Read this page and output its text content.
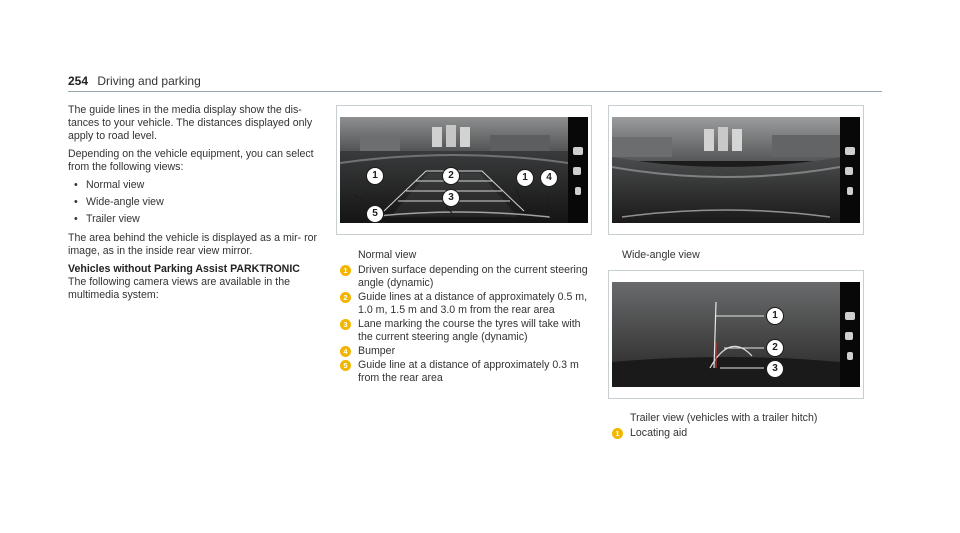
254 Driving and parking

The guide lines in the media display show the dis- tances to your vehicle. The distances displayed only apply to road level.

Depending on the vehicle equipment, you can select from the following views:

• Normal view
• Wide-angle view
• Trailer view

The area behind the vehicle is displayed as a mir- ror image, as in the inside rear view mirror.

Vehicles without Parking Assist PARKTRONIC

The following camera views are available in the multimedia system:

1	2
3
1	4
5
Normal view
1 Driven surface depending on the current steering angle (dynamic)
2 Guide lines at a distance of approximately 0.5 m, 1.0 m, 1.5 m and 3.0 m from the rear area
3 Lane marking the course the tyres will take with the current steering angle (dynamic)
4 Bumper
5 Guide line at a distance of approximately 0.3 m from the rear area
Wide-angle view
1
2
3
Trailer view (vehicles with a trailer hitch)
1 Locating aid
